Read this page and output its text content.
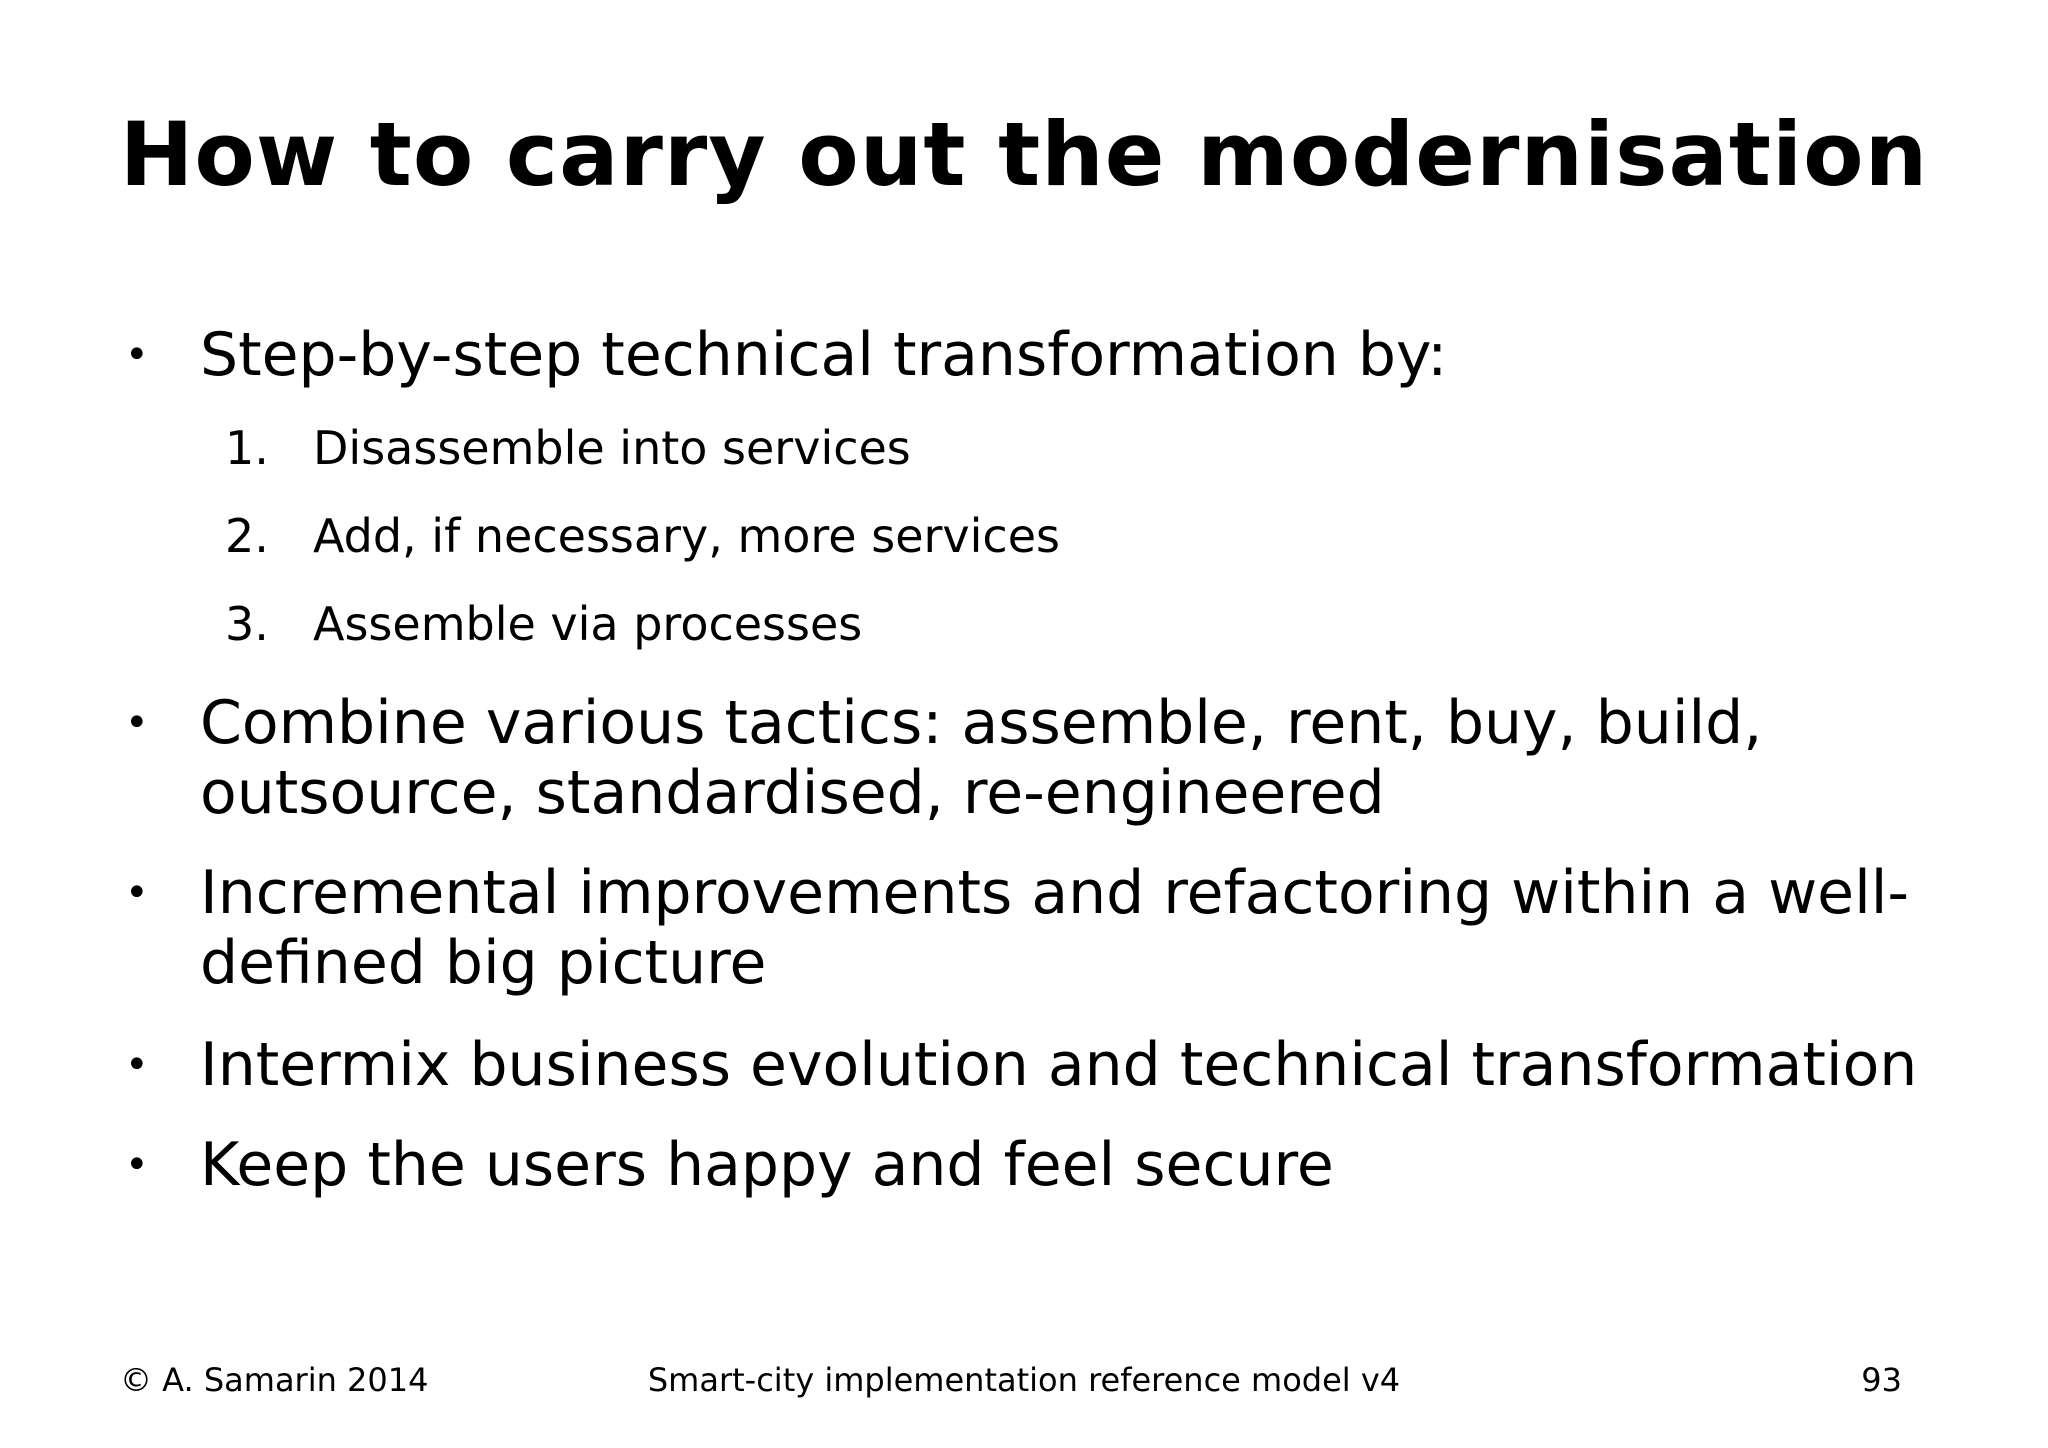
How to carry out the modernisation
• Step-by-step technical transformation by:
1. Disassemble into services
2. Add, if necessary, more services
3. Assemble via processes
• Combine various tactics: assemble, rent, buy, build, outsource, standardised, re-engineered
• Incremental improvements and refactoring within a well-defined big picture
• Intermix business evolution and technical transformation
• Keep the users happy and feel secure
© A. Samarin 2014	Smart-city implementation reference model v4	93
